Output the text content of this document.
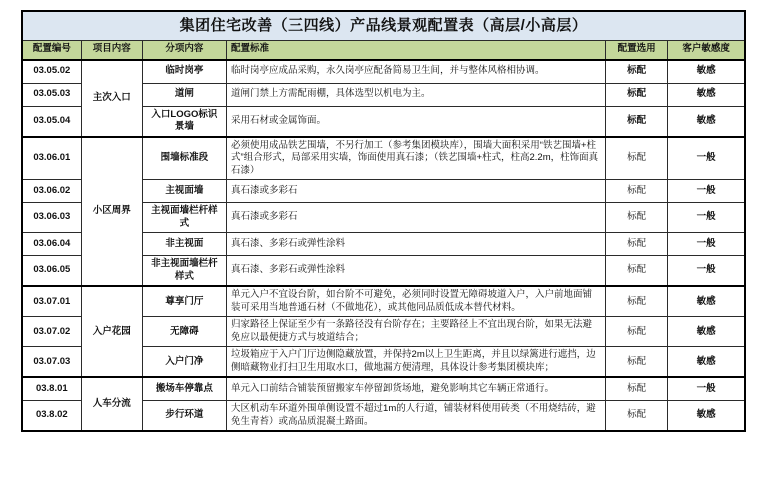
集团住宅改善（三四线）产品线景观配置表（高层/小高层）					
配置编号	项目内容	分项内容	配置标准	配置选用	客户敏感度
03.05.02	主次入口	临时岗亭	临时岗亭应成品采购，永久岗亭应配备简易卫生间，并与整体风格相协调。	标配	敏感
03.05.03		道闸	道闸门禁上方需配雨棚，具体选型以机电为主。	标配	敏感
03.05.04		入口LOGO标识景墙	采用石材或金属饰面。	标配	敏感
03.06.01	小区周界	围墙标准段	必须使用成品铁艺围墙，不另行加工（参考集团模块库），围墙大面积采用“铁艺围墙+柱式”组合形式，局部采用实墙，饰面使用真石漆；（铁艺围墙+柱式，柱高2.2m，柱饰面真石漆）	标配	一般
03.06.02		主视面墙	真石漆或多彩石	标配	一般
03.06.03		主视面墙栏杆样式	真石漆或多彩石	标配	一般
03.06.04		非主视面	真石漆、多彩石或弹性涂料	标配	一般
03.06.05		非主视面墙栏杆样式	真石漆、多彩石或弹性涂料	标配	一般
03.07.01	入户花园	尊享门厅	单元入户不宜设台阶，如台阶不可避免，必须同时设置无障碍坡道入户，入户前地面铺装可采用当地普通石材（不做地花），或其他同品质低成本替代材料。	标配	敏感
03.07.02		无障碍	归家路径上保证至少有一条路径没有台阶存在；主要路径上不宜出现台阶，如果无法避免应以最便捷方式与坡道结合；	标配	敏感
03.07.03		入户门净	垃圾箱应于入户门厅边侧隐藏放置，并保持2m以上卫生距离，并且以绿篱进行遮挡，边侧暗藏物业打扫卫生用取水口，做地漏方便清理，具体设计参考集团模块库；	标配	敏感
03.8.01	人车分流	搬场车停靠点	单元入口前结合铺装预留搬家车停留卸货场地，避免影响其它车辆正常通行。	标配	一般
03.8.02		步行环道	大区机动车环道外围单侧设置不超过1m的人行道，铺装材料使用砖类（不用烧结砖，避免生青苔）或高品质混凝土路面。	标配	敏感
